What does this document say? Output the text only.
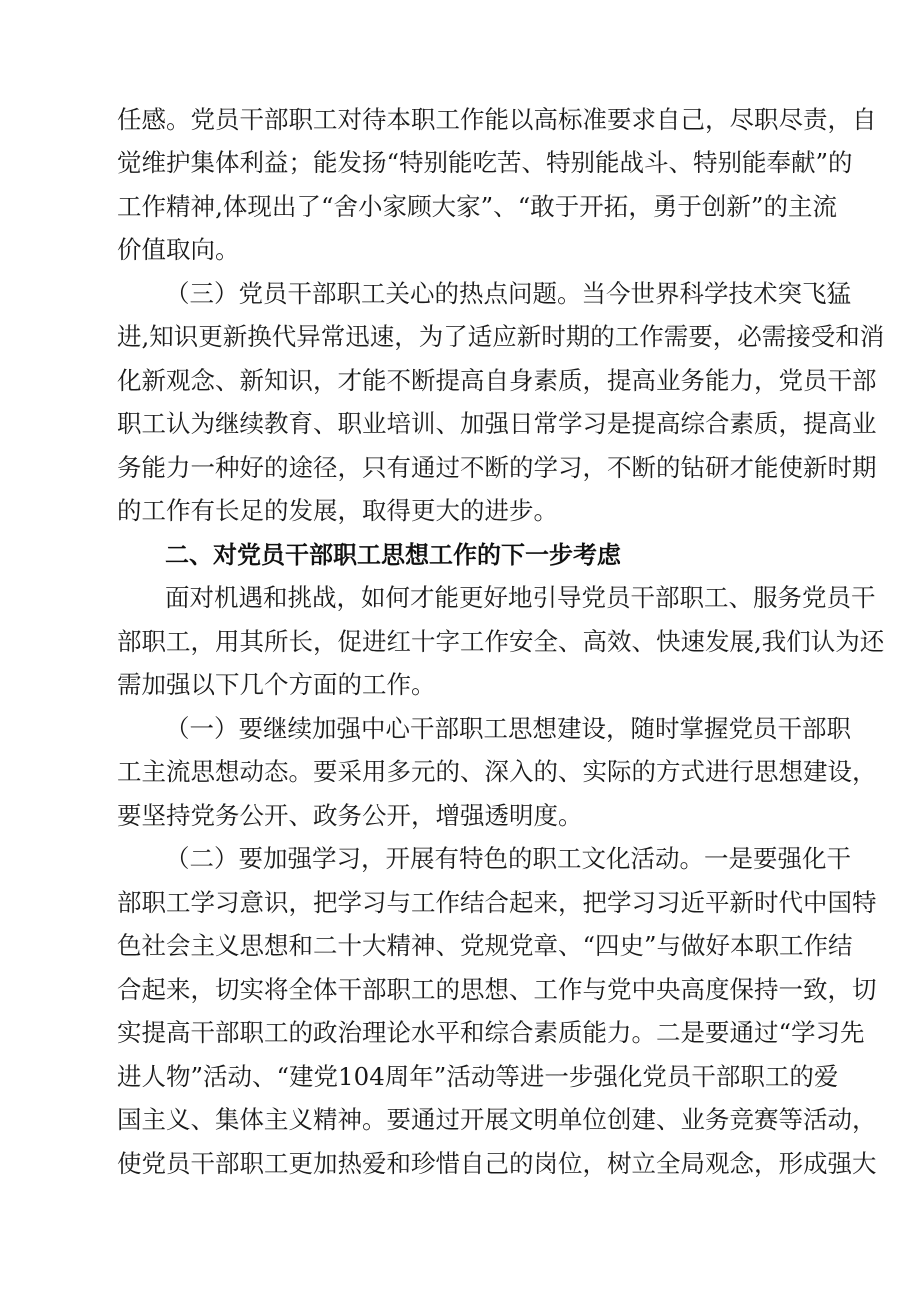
任感。党员干部职工对待本职工作能以高标准要求自己，尽职尽责，自
觉维护集体利益；能发扬“特别能吃苦、特别能战斗、特别能奉献”的
工作精神,体现出了“舍小家顾大家”、“敢于开拓，勇于创新”的主流
价值取向。
（三）党员干部职工关心的热点问题。当今世界科学技术突飞猛
进,知识更新换代异常迅速，为了适应新时期的工作需要，必需接受和消
化新观念、新知识，才能不断提高自身素质，提高业务能力，党员干部
职工认为继续教育、职业培训、加强日常学习是提高综合素质，提高业
务能力一种好的途径，只有通过不断的学习，不断的钻研才能使新时期
的工作有长足的发展，取得更大的进步。
二、对党员干部职工思想工作的下一步考虑
面对机遇和挑战，如何才能更好地引导党员干部职工、服务党员干
部职工，用其所长，促进红十字工作安全、高效、快速发展,我们认为还
需加强以下几个方面的工作。
（一）要继续加强中心干部职工思想建设，随时掌握党员干部职
工主流思想动态。要采用多元的、深入的、实际的方式进行思想建设，
要坚持党务公开、政务公开，增强透明度。
（二）要加强学习，开展有特色的职工文化活动。一是要强化干
部职工学习意识，把学习与工作结合起来，把学习习近平新时代中国特
色社会主义思想和二十大精神、党规党章、“四史”与做好本职工作结
合起来，切实将全体干部职工的思想、工作与党中央高度保持一致，切
实提高干部职工的政治理论水平和综合素质能力。二是要通过“学习先
进人物”活动、“建党104周年”活动等进一步强化党员干部职工的爱
国主义、集体主义精神。要通过开展文明单位创建、业务竞赛等活动，
使党员干部职工更加热爱和珍惜自己的岗位，树立全局观念，形成强大
